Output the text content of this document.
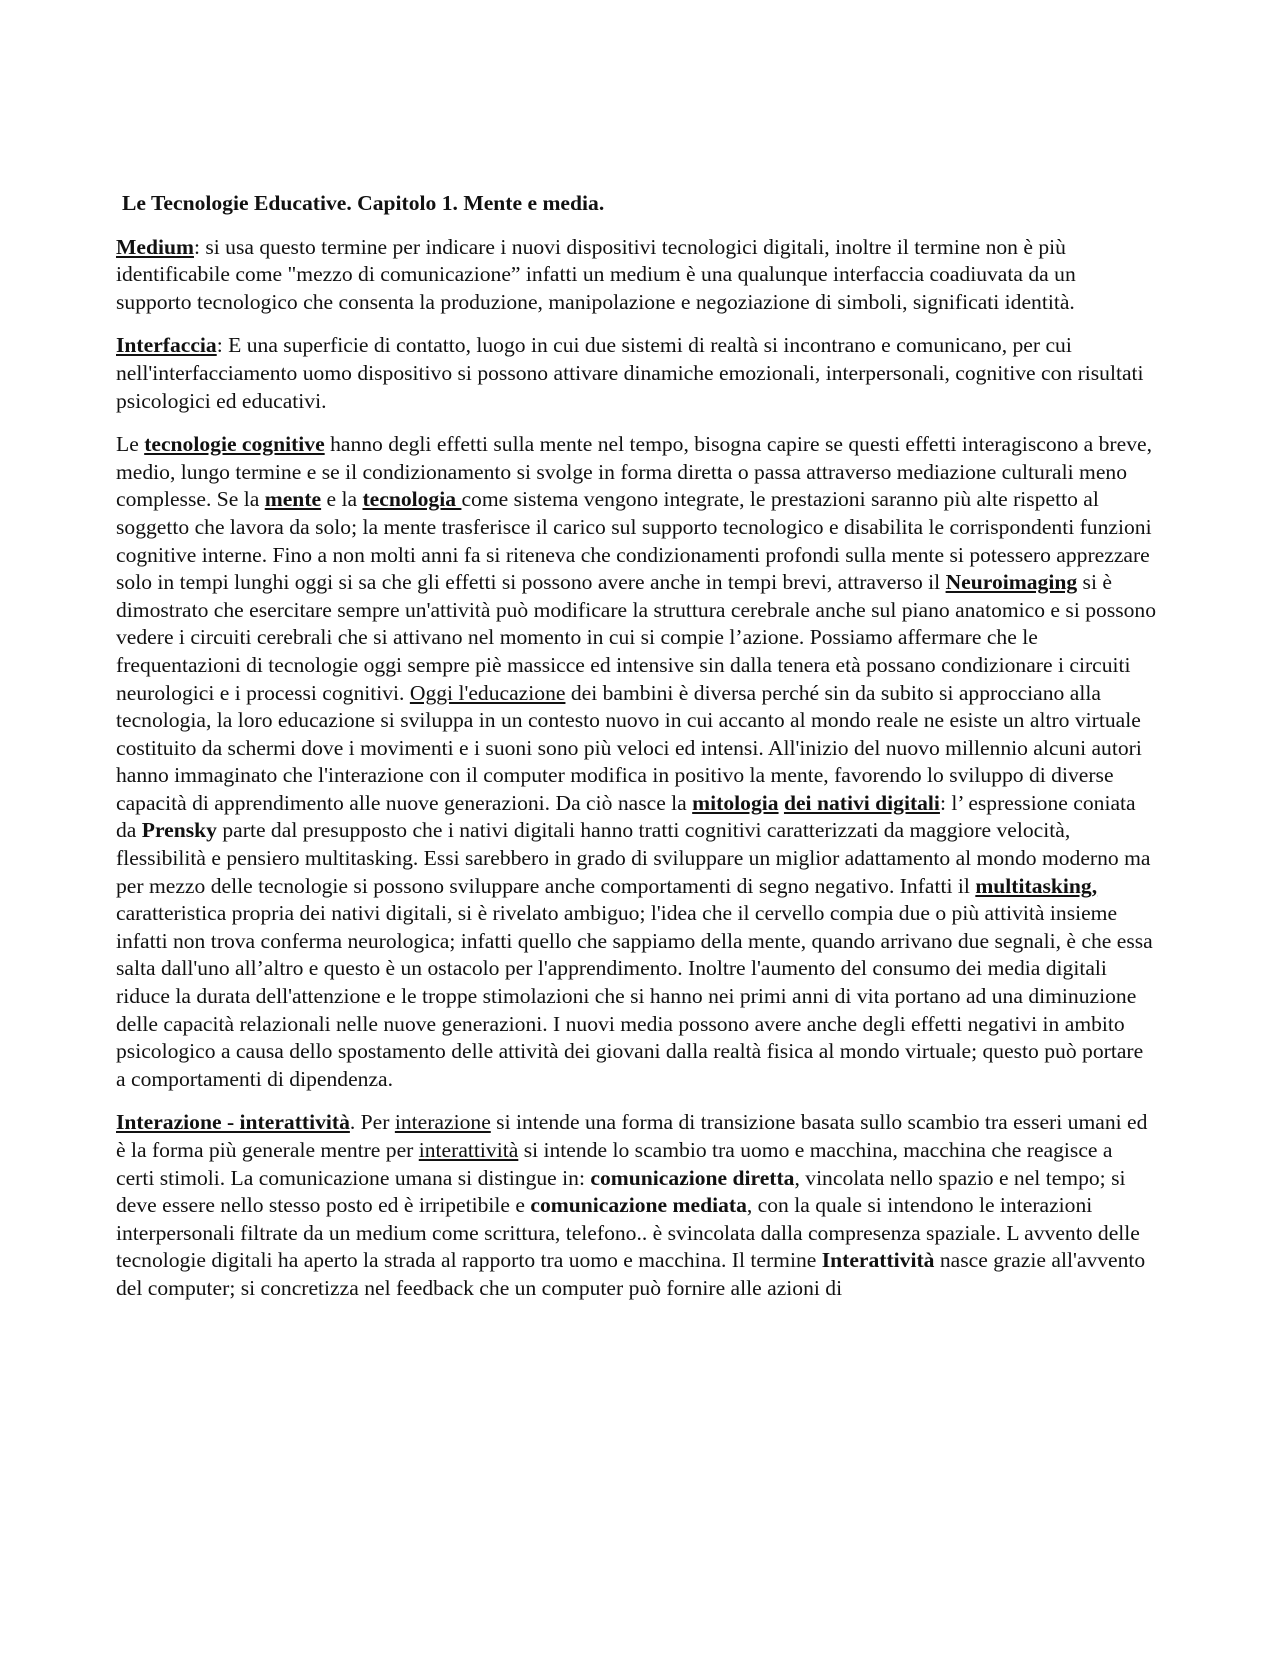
Le Tecnologie Educative. Capitolo 1. Mente e media.

Medium: si usa questo termine per indicare i nuovi dispositivi tecnologici digitali, inoltre il termine non è più identificabile come "mezzo di comunicazione” infatti un medium è una qualunque interfaccia coadiuvata da un supporto tecnologico che consenta la produzione, manipolazione e negoziazione di simboli, significati identità.

Interfaccia: E una superficie di contatto, luogo in cui due sistemi di realtà si incontrano e comunicano, per cui nell'interfacciamento uomo dispositivo si possono attivare dinamiche emozionali, interpersonali, cognitive con risultati psicologici ed educativi.

Le tecnologie cognitive hanno degli effetti sulla mente nel tempo, bisogna capire se questi effetti interagiscono a breve, medio, lungo termine e se il condizionamento si svolge in forma diretta o passa attraverso mediazione culturali meno complesse. Se la mente e la tecnologia come sistema vengono integrate, le prestazioni saranno più alte rispetto al soggetto che lavora da solo; la mente trasferisce il carico sul supporto tecnologico e disabilita le corrispondenti funzioni cognitive interne. Fino a non molti anni fa si riteneva che condizionamenti profondi sulla mente si potessero apprezzare solo in tempi lunghi oggi si sa che gli effetti si possono avere anche in tempi brevi, attraverso il Neuroimaging si è dimostrato che esercitare sempre un'attività può modificare la struttura cerebrale anche sul piano anatomico e si possono vedere i circuiti cerebrali che si attivano nel momento in cui si compie l’azione. Possiamo affermare che le frequentazioni di tecnologie oggi sempre piè massicce ed intensive sin dalla tenera età possano condizionare i circuiti neurologici e i processi cognitivi. Oggi l'educazione dei bambini è diversa perché sin da subito si approcciano alla tecnologia, la loro educazione si sviluppa in un contesto nuovo in cui accanto al mondo reale ne esiste un altro virtuale costituito da schermi dove i movimenti e i suoni sono più veloci ed intensi. All'inizio del nuovo millennio alcuni autori hanno immaginato che l'interazione con il computer modifica in positivo la mente, favorendo lo sviluppo di diverse capacità di apprendimento alle nuove generazioni. Da ciò nasce la mitologia dei nativi digitali: l’ espressione coniata da Prensky parte dal presupposto che i nativi digitali hanno tratti cognitivi caratterizzati da maggiore velocità, flessibilità e pensiero multitasking. Essi sarebbero in grado di sviluppare un miglior adattamento al mondo moderno ma per mezzo delle tecnologie si possono sviluppare anche comportamenti di segno negativo. Infatti il multitasking, caratteristica propria dei nativi digitali, si è rivelato ambiguo; l'idea che il cervello compia due o più attività insieme infatti non trova conferma neurologica; infatti quello che sappiamo della mente, quando arrivano due segnali, è che essa salta dall'uno all’altro e questo è un ostacolo per l'apprendimento. Inoltre l'aumento del consumo dei media digitali riduce la durata dell'attenzione e le troppe stimolazioni che si hanno nei primi anni di vita portano ad una diminuzione delle capacità relazionali nelle nuove generazioni. I nuovi media possono avere anche degli effetti negativi in ambito psicologico a causa dello spostamento delle attività dei giovani dalla realtà fisica al mondo virtuale; questo può portare a comportamenti di dipendenza.

Interazione - interattività. Per interazione si intende una forma di transizione basata sullo scambio tra esseri umani ed è la forma più generale mentre per interattività si intende lo scambio tra uomo e macchina, macchina che reagisce a certi stimoli. La comunicazione umana si distingue in: comunicazione diretta, vincolata nello spazio e nel tempo; si deve essere nello stesso posto ed è irripetibile e comunicazione mediata, con la quale si intendono le interazioni interpersonali filtrate da un medium come scrittura, telefono.. è svincolata dalla compresenza spaziale. L avvento delle tecnologie digitali ha aperto la strada al rapporto tra uomo e macchina. Il termine Interattività nasce grazie all'avvento del computer; si concretizza nel feedback che un computer può fornire alle azioni di
